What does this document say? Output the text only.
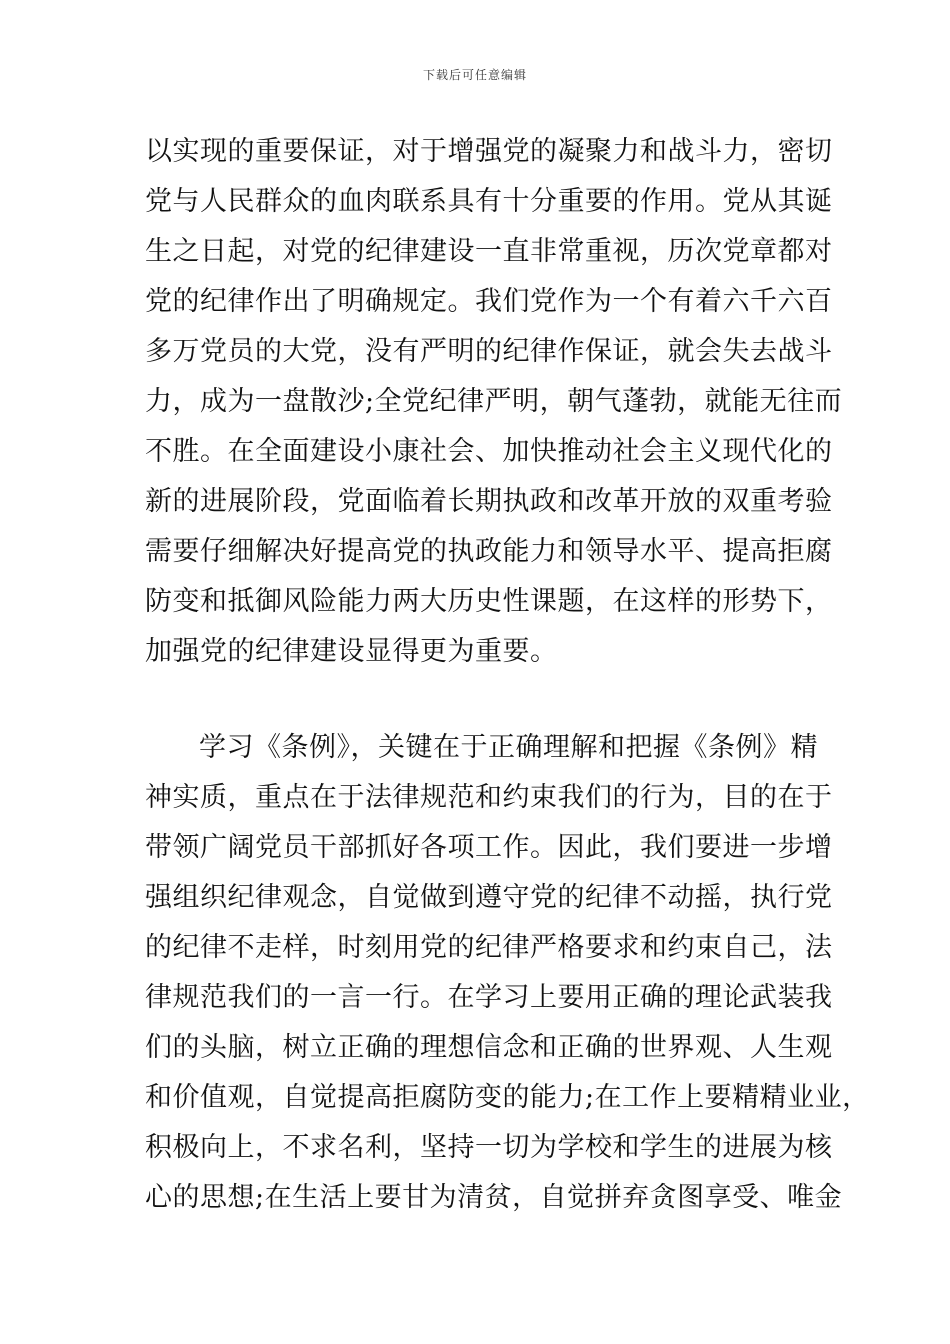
下载后可任意编辑
以实现的重要保证，对于增强党的凝聚力和战斗力，密切
党与人民群众的血肉联系具有十分重要的作用。党从其诞
生之日起，对党的纪律建设一直非常重视，历次党章都对
党的纪律作出了明确规定。我们党作为一个有着六千六百
多万党员的大党，没有严明的纪律作保证，就会失去战斗
力，成为一盘散沙;全党纪律严明，朝气蓬勃，就能无往而
不胜。在全面建设小康社会、加快推动社会主义现代化的
新的进展阶段，党面临着长期执政和改革开放的双重考验
需要仔细解决好提高党的执政能力和领导水平、提高拒腐
防变和抵御风险能力两大历史性课题，在这样的形势下，
加强党的纪律建设显得更为重要。
学习《条例》，关键在于正确理解和把握《条例》精
神实质，重点在于法律规范和约束我们的行为，目的在于
带领广阔党员干部抓好各项工作。因此，我们要进一步增
强组织纪律观念，自觉做到遵守党的纪律不动摇，执行党
的纪律不走样，时刻用党的纪律严格要求和约束自己，法
律规范我们的一言一行。在学习上要用正确的理论武装我
们的头脑，树立正确的理想信念和正确的世界观、人生观
和价值观，自觉提高拒腐防变的能力;在工作上要精精业业，
积极向上，不求名利，坚持一切为学校和学生的进展为核
心的思想;在生活上要甘为清贫，自觉拼弃贪图享受、唯金
